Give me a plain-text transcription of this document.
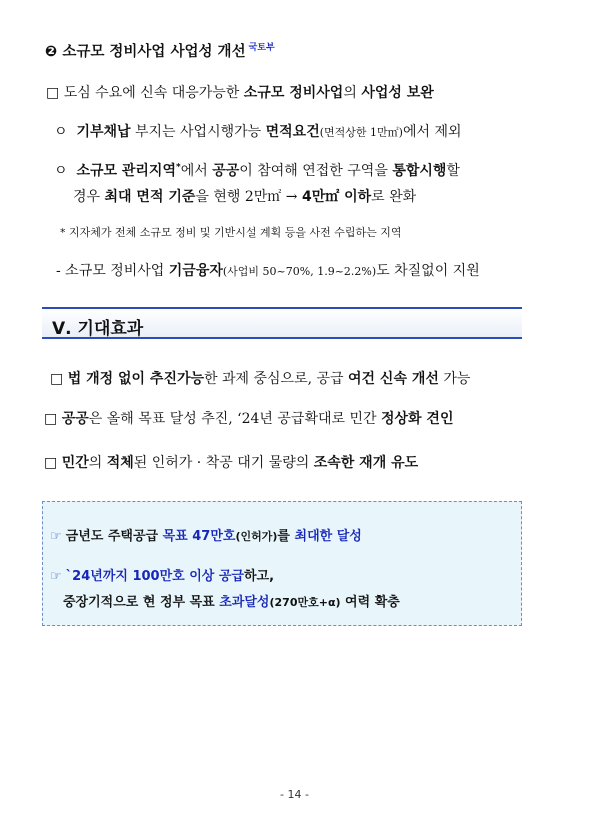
❷ 소규모 정비사업 사업성 개선 $^{국토부}$
□ 도심 수요에 신속 대응가능한 소규모 정비사업의 사업성 보완
ㅇ 기부채납 부지는 사업시행가능 면적요건(면적상한 1만㎡)에서 제외
ㅇ 소규모 관리지역*에서 공공이 참여해 연접한 구역을 통합시행할
경우 최대 면적 기준을 현행 2만㎡ → 4만㎡ 이하로 완화
* 지자체가 전체 소규모 정비 및 기반시설 계획 등을 사전 수립하는 지역
- 소규모 정비사업 기금융자(사업비 50~70%, 1.9~2.2%)도 차질없이 지원
Ⅴ. 기대효과
□ 법 개정 없이 추진가능한 과제 중심으로, 공급 여건 신속 개선 가능
□ 공공은 올해 목표 달성 추진, ‘24년 공급확대로 민간 정상화 견인
□ 민간의 적체된 인허가 · 착공 대기 물량의 조속한 재개 유도
☞ 금년도 주택공급 목표 47만호(인허가)를 최대한 달성
☞ `24년까지 100만호 이상 공급하고,
중장기적으로 현 정부 목표 초과달성(270만호+α) 여력 확충
- 14 -
